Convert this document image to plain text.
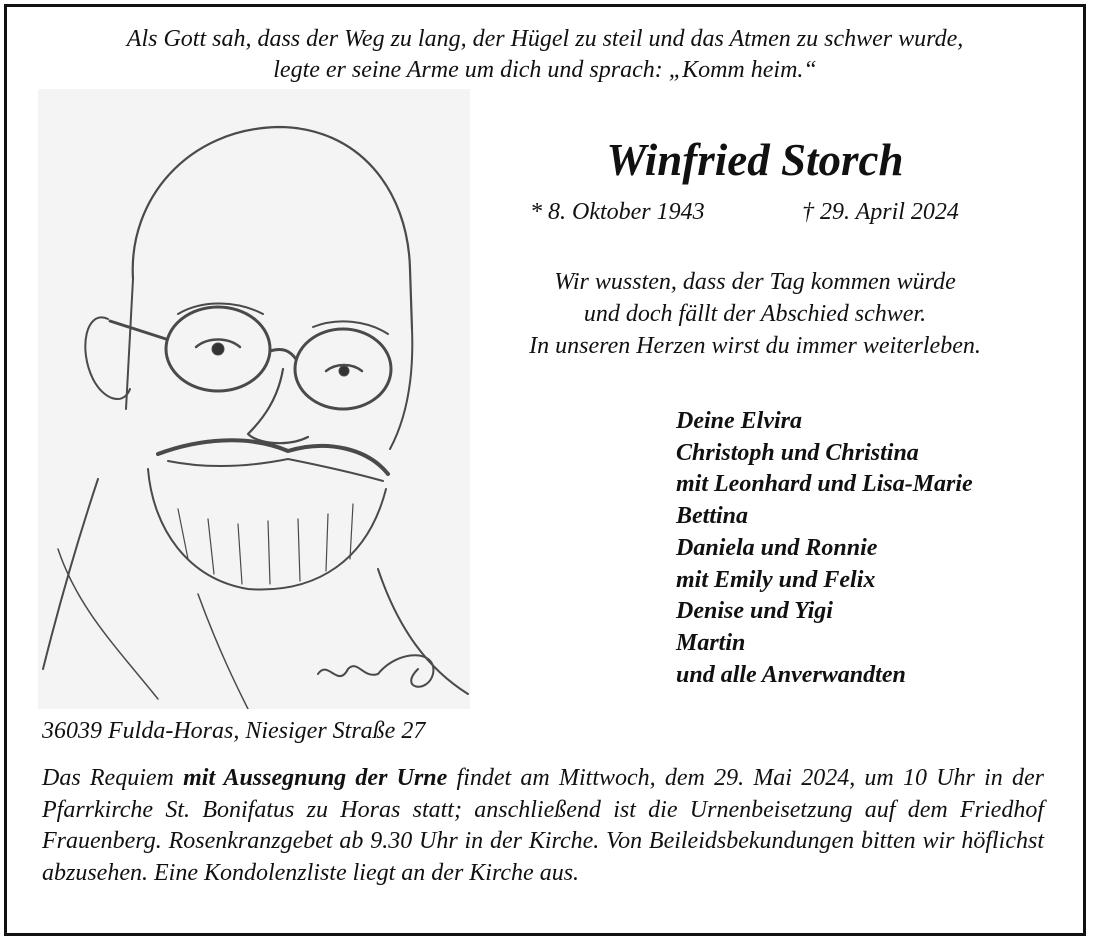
Als Gott sah, dass der Weg zu lang, der Hügel zu steil und das Atmen zu schwer wurde,
legte er seine Arme um dich und sprach: „Komm heim.“
Winfried Storch
* 8. Oktober 1943	† 29. April 2024
Wir wussten, dass der Tag kommen würde
und doch fällt der Abschied schwer.
In unseren Herzen wirst du immer weiterleben.
Deine Elvira
Christoph und Christina
mit Leonhard und Lisa-Marie
Bettina
Daniela und Ronnie
mit Emily und Felix
Denise und Yigi
Martin
und alle Anverwandten
36039 Fulda-Horas, Niesiger Straße 27

Das Requiem mit Aussegnung der Urne findet am Mittwoch, dem 29. Mai 2024, um 10 Uhr in der Pfarrkirche St. Bonifatus zu Horas statt; anschließend ist die Urnenbeisetzung auf dem Friedhof Frauenberg. Rosenkranzgebet ab 9.30 Uhr in der Kirche. Von Beileidsbekundungen bitten wir höflichst abzusehen. Eine Kondolenzliste liegt an der Kirche aus.
